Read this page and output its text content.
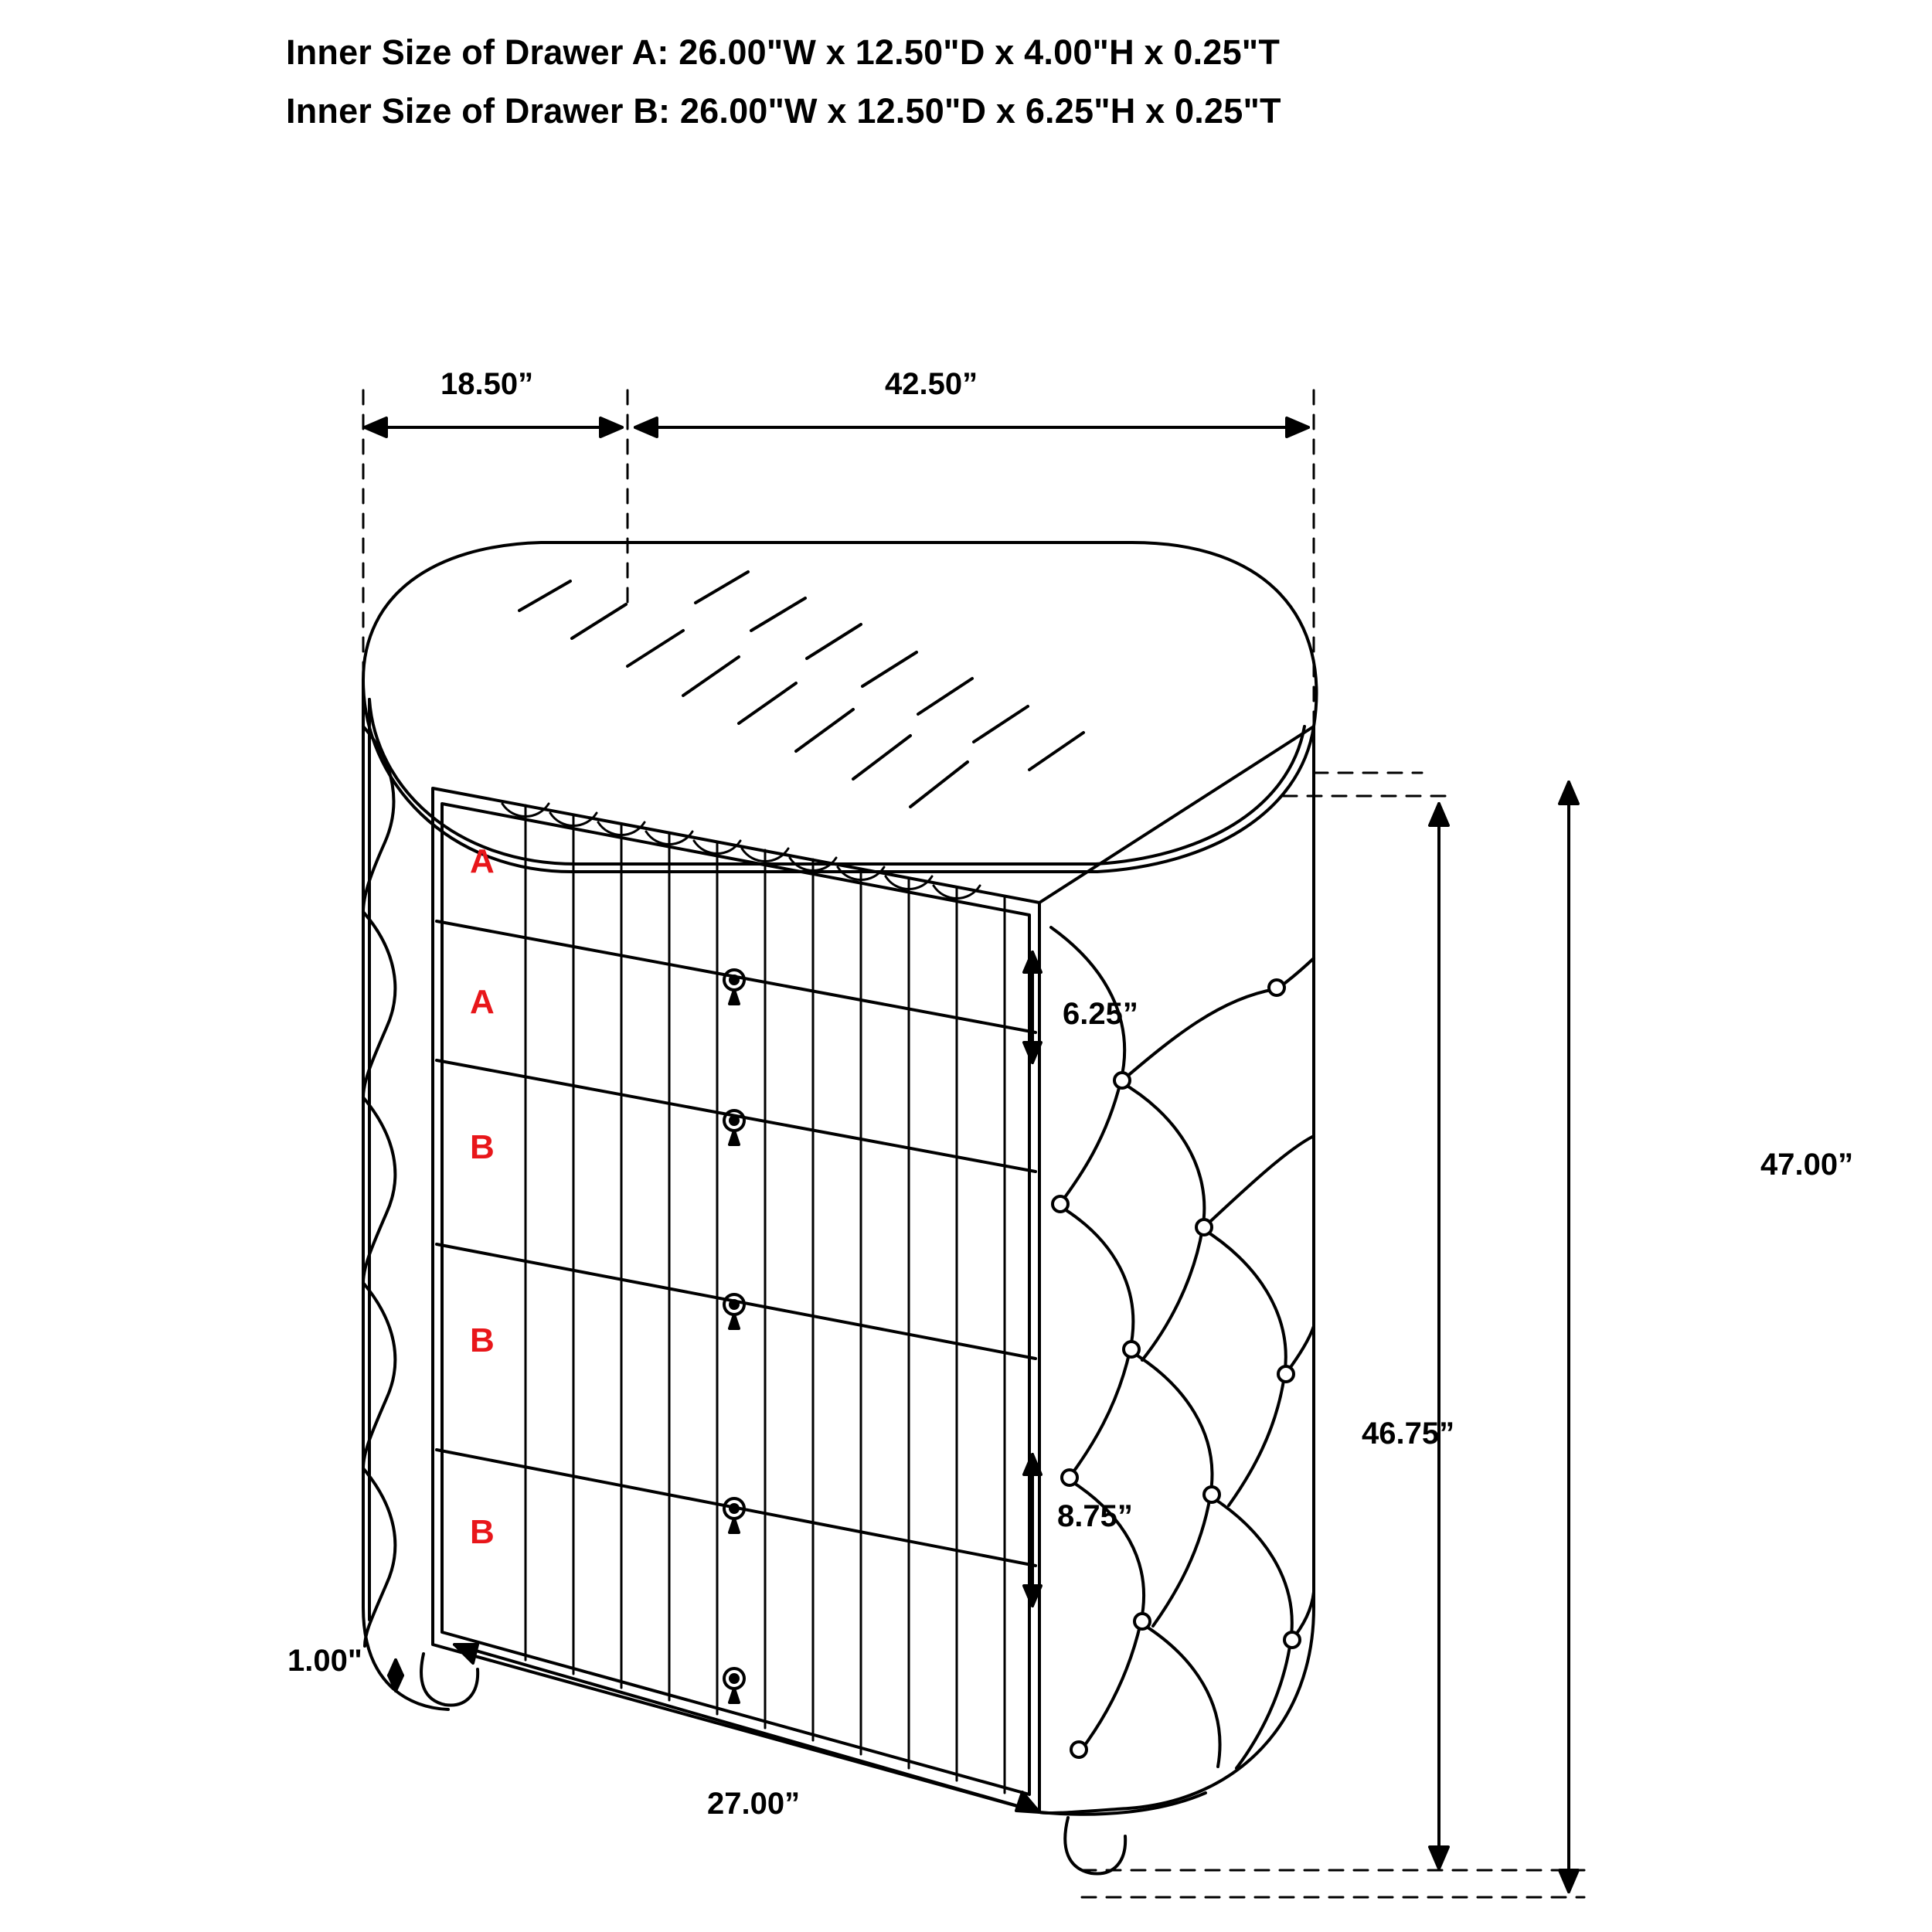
Inner Size of Drawer A: 26.00"W x 12.50"D x 4.00"H x 0.25"T
Inner Size of Drawer B: 26.00"W x 12.50"D x 6.25"H x 0.25"T
18.50”	42.50”
6.25”
8.75”
47.00”
46.75”
1.00"
27.00”
A
A
B
B
B
